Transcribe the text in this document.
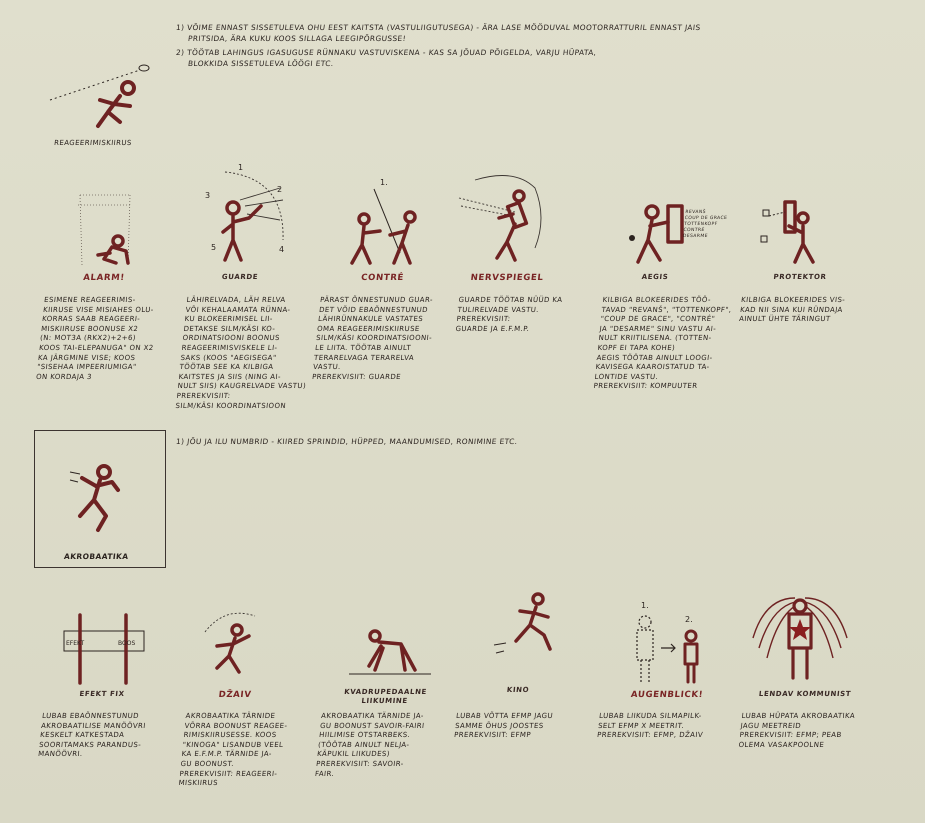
1) VÕIME ENNAST SISSETULEVA OHU EEST KAITSTA (VASTULIIGUTUSEGA) - ÄRA LASE MÖÖDUVAL MOOTORRATTURIL ENNAST JAIS
PRITSIDA, ÄRA KUKU KOOS SILLAGA LEEGIPÕRGUSSE!
2) TÖÖTAB LAHINGUS IGASUGUSE RÜNNAKU VASTUVISKENA - KAS SA JÕUAD PÕIGELDA, VARJU HÜPATA,
BLOKKIDA SISSETULEVA LÖÖGI ETC.
REAGEERIMISKIIRUS
ALARM!
1
2
3
4
5
GUARDE
1.
CONTRÉ	NERVSPIEGEL
REVANŠ
COUP DE GRACE
TOTTENKOPF
CONTRÉ
DESARME
AEGIS	PROTEKTOR
ESIMENE REAGEERIMIS-
KIIRUSE VISE MISIAHES OLU-
KORRAS SAAB REAGEERI-
MISKIIRUSE BOONUSE X2
(N: MOT3A (RKX2)+2+6)
KOOS TAI-ELEPANUGA" ON X2
KA JÄRGMINE VISE; KOOS
"SISEHAA IMPEERIUMIGA"
ON KORDAJA 3
LÄHIRELVADA, LÄH RELVA
VÕI KEHALAAMATA RÜNNA-
KU BLOKEERIMISEL LII-
DETAKSE SILM/KÄSI KO-
ORDINATSIOONI BOONUS
REAGEERIMISVISKELE LI-
SAKS (KOOS "AEGISEGA"
TÖÖTAB SEE KA KILBIGA
KAITSTES JA SIIS (NING AI-
NULT SIIS) KAUGRELVADE VASTU)
PREREKVISIIT:
SILM/KÄSI KOORDINATSIOON
PÄRAST ÕNNESTUNUD GUAR-
DET VÕID EBAÕNNESTUNUD
LÄHIRÜNNAKULE VASTATES
OMA REAGEERIMISKIIRUSE
SILM/KÄSI KOORDINATSIOONI-
LE LIITA. TÖÖTAB AINULT
TERARELVAGA TERARELVA
VASTU.
PREREKVISIIT: GUARDE
GUARDE TÖÖTAB NÜÜD KA
TULIRELVADE VASTU.
PREREKVISIIT:
GUARDE JA E.F.M.P.
KILBIGA BLOKEERIDES TÖÖ-
TAVAD "REVANŠ", "TOTTENKOPF",
"COUP DE GRACE", "CONTRÉ"
JA "DESARME" SINU VASTU AI-
NULT KRIITILISENA. (TOTTEN-
KOPF EI TAPA KOHE)
AEGIS TÖÖTAB AINULT LOOGI-
KAVISEGA KAAROISTATUD TA-
LONTIDE VASTU.
PREREKVISIIT: KOMPUUTER
KILBIGA BLOKEERIDES VIS-
KAD NII SINA KUI RÜNDAJA
AINULT ÜHTE TÄRINGUT
AKROBAATIKA
1) JÕU JA ILU NUMBRID - KIIRED SPRINDID, HÜPPED, MAANDUMISED, RONIMINE ETC.
EFEKT	BOOS
EFEKT FIX	DŽAIV	KVADRUPEDAALNE LIIKUMINE
KINO
1.
2.
AUGENBLICK!	LENDAV KOMMUNIST
LUBAB EBAÕNNESTUNUD
AKROBAATILISE MANÖÖVRI
KESKELT KATKESTADA
SOORITAMAKS PARANDUS-
MANÖÖVRI.
AKROBAATIKA TÄRNIDE
VÕRRA BOONUST REAGEE-
RIMISKIIRUSESSE. KOOS
"KINOGA" LISANDUB VEEL
KA E.F.M.P. TÄRNIDE JA-
GU BOONUST.
PREREKVISIIT: REAGEERI-
MISKIIRUS
AKROBAATIKA TÄRNIDE JA-
GU BOONUST SAVOIR-FAIRI
HIILIMISE OTSTARBEKS.
(TÖÖTAB AINULT NELJA-
KÄPUKIL LIIKUDES)
PREREKVISIIT: SAVOIR-
FAIR.
LUBAB VÕTTA EFMP JAGU
SAMME ÕHUS JOOSTES
PREREKVISIIT: EFMP
LUBAB LIIKUDA SILMAPILK-
SELT EFMP X MEETRIT.
PREREKVISIIT: EFMP, DŽAIV
LUBAB HÜPATA AKROBAATIKA
JAGU MEETREID
PREREKVISIIT: EFMP; PEAB
OLEMA VASAKPOOLNE
